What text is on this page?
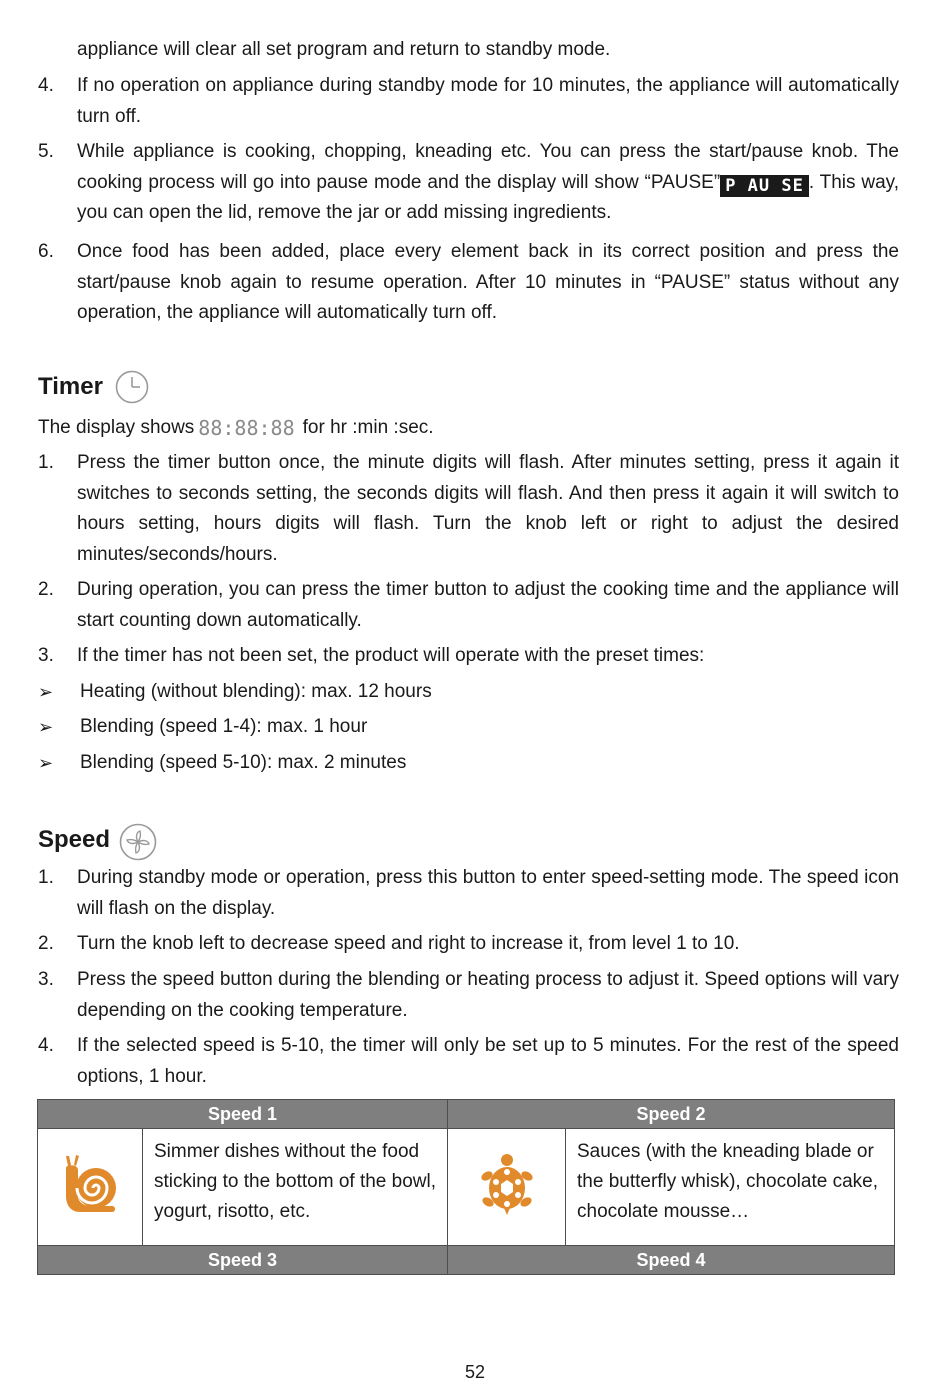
appliance will clear all set program and return to standby mode.

4. If no operation on appliance during standby mode for 10 minutes, the appliance will automatically turn off.
5. While appliance is cooking, chopping, kneading etc. You can press the start/pause knob. The cooking process will go into pause mode and the display will show “PAUSE” P AU SE . This way, you can open the lid, remove the jar or add missing ingredients.
6. Once food has been added, place every element back in its correct position and press the start/pause knob again to resume operation. After 10 minutes in “PAUSE” status without any operation, the appliance will automatically turn off.
Timer
The display shows 88:88:88 for hr :min :sec.
1. Press the timer button once, the minute digits will flash. After minutes setting, press it again it switches to seconds setting, the seconds digits will flash. And then press it again it will switch to hours setting, hours digits will flash. Turn the knob left or right to adjust the desired minutes/seconds/hours.
2. During operation, you can press the timer button to adjust the cooking time and the appliance will start counting down automatically.
3. If the timer has not been set, the product will operate with the preset times:
➢ Heating (without blending): max. 12 hours
➢ Blending (speed 1-4): max. 1 hour
➢ Blending (speed 5-10): max. 2 minutes
Speed
1. During standby mode or operation, press this button to enter speed-setting mode. The speed icon will flash on the display.
2. Turn the knob left to decrease speed and right to increase it, from level 1 to 10.
3. Press the speed button during the blending or heating process to adjust it. Speed options will vary depending on the cooking temperature.
4. If the selected speed is 5-10, the timer will only be set up to 5 minutes. For the rest of the speed options, 1 hour.
Speed 1		Speed 2	
	Simmer dishes without the food sticking to the bottom of the bowl, yogurt, risotto, etc.		Sauces (with the kneading blade or the butterfly whisk), chocolate cake, chocolate mousse…
Speed 3		Speed 4	
52
